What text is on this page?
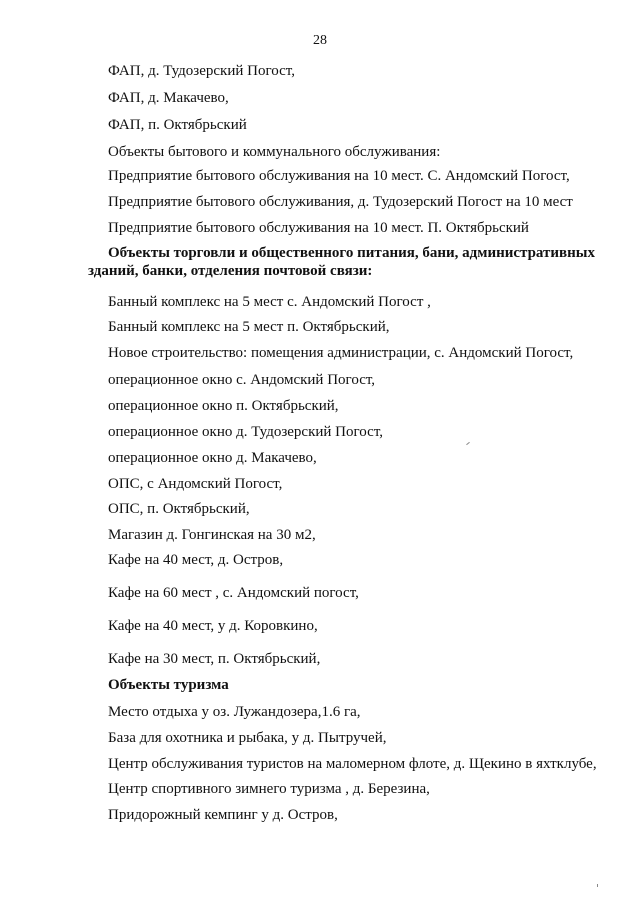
28
ФАП, д. Тудозерский Погост,
ФАП, д. Макачево,
ФАП, п. Октябрьский
Объекты бытового и коммунального обслуживания:
Предприятие бытового обслуживания на 10 мест. С. Андомский Погост,
Предприятие бытового обслуживания, д. Тудозерский Погост на 10 мест
Предприятие бытового обслуживания на 10 мест. П. Октябрьский
Объекты торговли и общественного питания, бани, административных
зданий, банки, отделения почтовой связи:
Банный комплекс на 5 мест с. Андомский Погост ,
Банный комплекс на 5 мест п. Октябрьский,
Новое строительство: помещения администрации, с. Андомский Погост,
операционное окно с. Андомский Погост,
операционное окно п. Октябрьский,
операционное окно д. Тудозерский Погост,
операционное окно д. Макачево,
ОПС, с Андомский Погост,
ОПС, п. Октябрьский,
Магазин д. Гонгинская на 30 м2,
Кафе на 40 мест, д. Остров,
Кафе на 60 мест , с. Андомский погост,
Кафе на 40 мест, у д. Коровкино,
Кафе на 30 мест, п. Октябрьский,
Объекты туризма
Место отдыха у оз. Лужандозера,1.6 га,
База для охотника и рыбака, у д. Пытручей,
Центр обслуживания туристов на маломерном флоте, д. Щекино в яхтклубе,
Центр спортивного зимнего туризма , д. Березина,
Придорожный кемпинг у д. Остров,
